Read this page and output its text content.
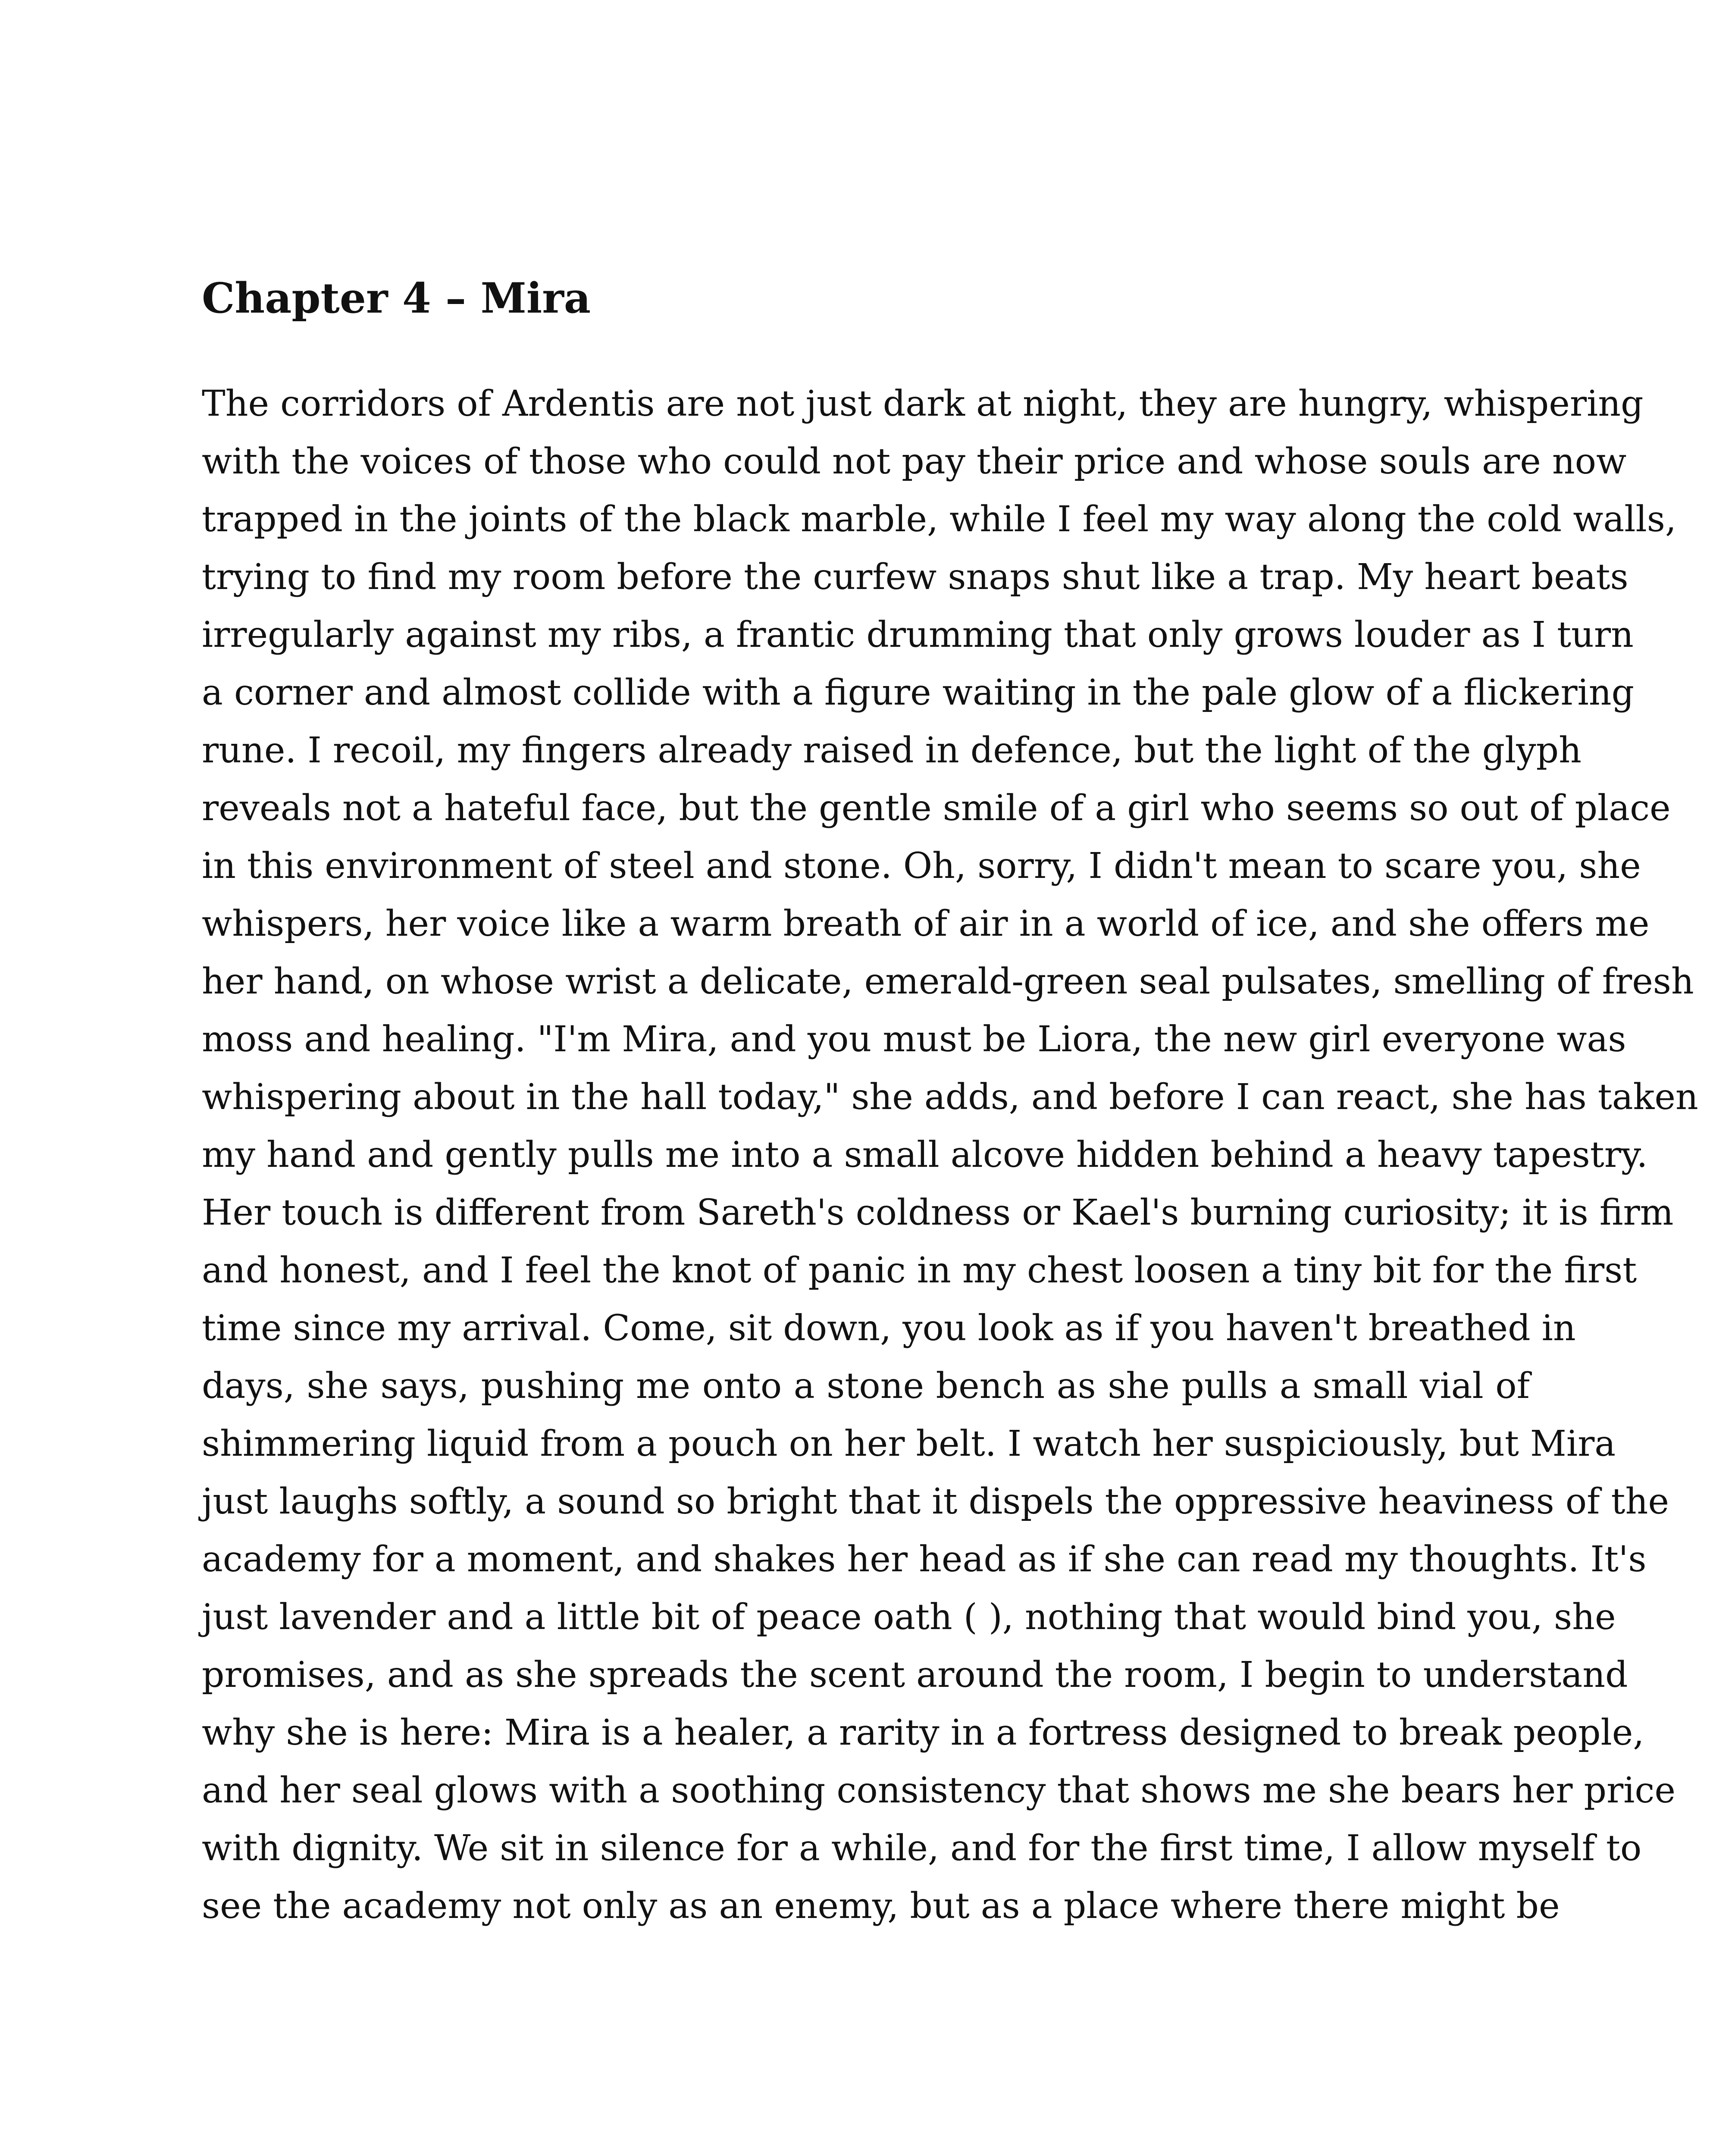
Chapter 4 – Mira
The corridors of Ardentis are not just dark at night, they are hungry, whispering
with the voices of those who could not pay their price and whose souls are now
trapped in the joints of the black marble, while I feel my way along the cold walls,
trying to find my room before the curfew snaps shut like a trap. My heart beats
irregularly against my ribs, a frantic drumming that only grows louder as I turn
a corner and almost collide with a figure waiting in the pale glow of a flickering
rune. I recoil, my fingers already raised in defence, but the light of the glyph
reveals not a hateful face, but the gentle smile of a girl who seems so out of place
in this environment of steel and stone. Oh, sorry, I didn't mean to scare you, she
whispers, her voice like a warm breath of air in a world of ice, and she offers me
her hand, on whose wrist a delicate, emerald-green seal pulsates, smelling of fresh
moss and healing. "I'm Mira, and you must be Liora, the new girl everyone was
whispering about in the hall today," she adds, and before I can react, she has taken
my hand and gently pulls me into a small alcove hidden behind a heavy tapestry.
Her touch is different from Sareth's coldness or Kael's burning curiosity; it is firm
and honest, and I feel the knot of panic in my chest loosen a tiny bit for the first
time since my arrival. Come, sit down, you look as if you haven't breathed in
days, she says, pushing me onto a stone bench as she pulls a small vial of
shimmering liquid from a pouch on her belt. I watch her suspiciously, but Mira
just laughs softly, a sound so bright that it dispels the oppressive heaviness of the
academy for a moment, and shakes her head as if she can read my thoughts. It's
just lavender and a little bit of peace oath ( ), nothing that would bind you, she
promises, and as she spreads the scent around the room, I begin to understand
why she is here: Mira is a healer, a rarity in a fortress designed to break people,
and her seal glows with a soothing consistency that shows me she bears her price
with dignity. We sit in silence for a while, and for the first time, I allow myself to
see the academy not only as an enemy, but as a place where there might be
